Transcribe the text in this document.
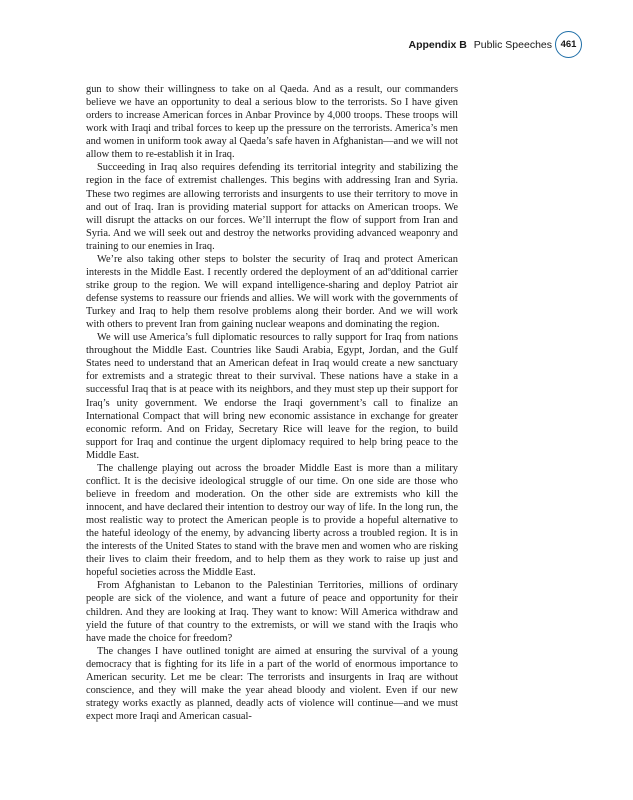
Appendix B Public Speeches 461

gun to show their willingness to take on al Qaeda. And as a result, our commanders believe we have an opportunity to deal a serious blow to the terrorists. So I have given orders to increase American forces in Anbar Province by 4,000 troops. These troops will work with Iraqi and tribal forces to keep up the pressure on the terrorists. America’s men and women in uniform took away al Qaeda’s safe haven in Afghanistan—and we will not allow them to re-establish it in Iraq.

Succeeding in Iraq also requires defending its territorial integrity and stabilizing the region in the face of extremist challenges. This begins with addressing Iran and Syria. These two regimes are allowing terrorists and insurgents to use their territory to move in and out of Iraq. Iran is providing material support for attacks on American troops. We will disrupt the attacks on our forces. We’ll interrupt the flow of support from Iran and Syria. And we will seek out and destroy the networks providing advanced weaponry and training to our enemies in Iraq.

We’re also taking other steps to bolster the security of Iraq and protect American interests in the Middle East. I recently ordered the deployment of an adºdditional carrier strike group to the region. We will expand intelligence-sharing and deploy Patriot air defense systems to reassure our friends and allies. We will work with the governments of Turkey and Iraq to help them resolve problems along their border. And we will work with others to prevent Iran from gaining nuclear weapons and dominating the region.

We will use America’s full diplomatic resources to rally support for Iraq from nations throughout the Middle East. Countries like Saudi Arabia, Egypt, Jordan, and the Gulf States need to understand that an American defeat in Iraq would create a new sanctuary for extremists and a strategic threat to their survival. These nations have a stake in a successful Iraq that is at peace with its neighbors, and they must step up their support for Iraq’s unity government. We endorse the Iraqi government’s call to finalize an International Compact that will bring new economic assistance in exchange for greater economic reform. And on Friday, Secretary Rice will leave for the region, to build support for Iraq and continue the urgent diplomacy required to help bring peace to the Middle East.

The challenge playing out across the broader Middle East is more than a military conflict. It is the decisive ideological struggle of our time. On one side are those who believe in freedom and moderation. On the other side are extremists who kill the innocent, and have declared their intention to destroy our way of life. In the long run, the most realistic way to protect the American people is to provide a hopeful alternative to the hateful ideology of the enemy, by advancing liberty across a troubled region. It is in the interests of the United States to stand with the brave men and women who are risking their lives to claim their freedom, and to help them as they work to raise up just and hopeful societies across the Middle East.

From Afghanistan to Lebanon to the Palestinian Territories, millions of ordinary people are sick of the violence, and want a future of peace and opportunity for their children. And they are looking at Iraq. They want to know: Will America withdraw and yield the future of that country to the extremists, or will we stand with the Iraqis who have made the choice for freedom?

The changes I have outlined tonight are aimed at ensuring the survival of a young democracy that is fighting for its life in a part of the world of enormous importance to American security. Let me be clear: The terrorists and insurgents in Iraq are without conscience, and they will make the year ahead bloody and violent. Even if our new strategy works exactly as planned, deadly acts of violence will continue—and we must expect more Iraqi and American casual-
